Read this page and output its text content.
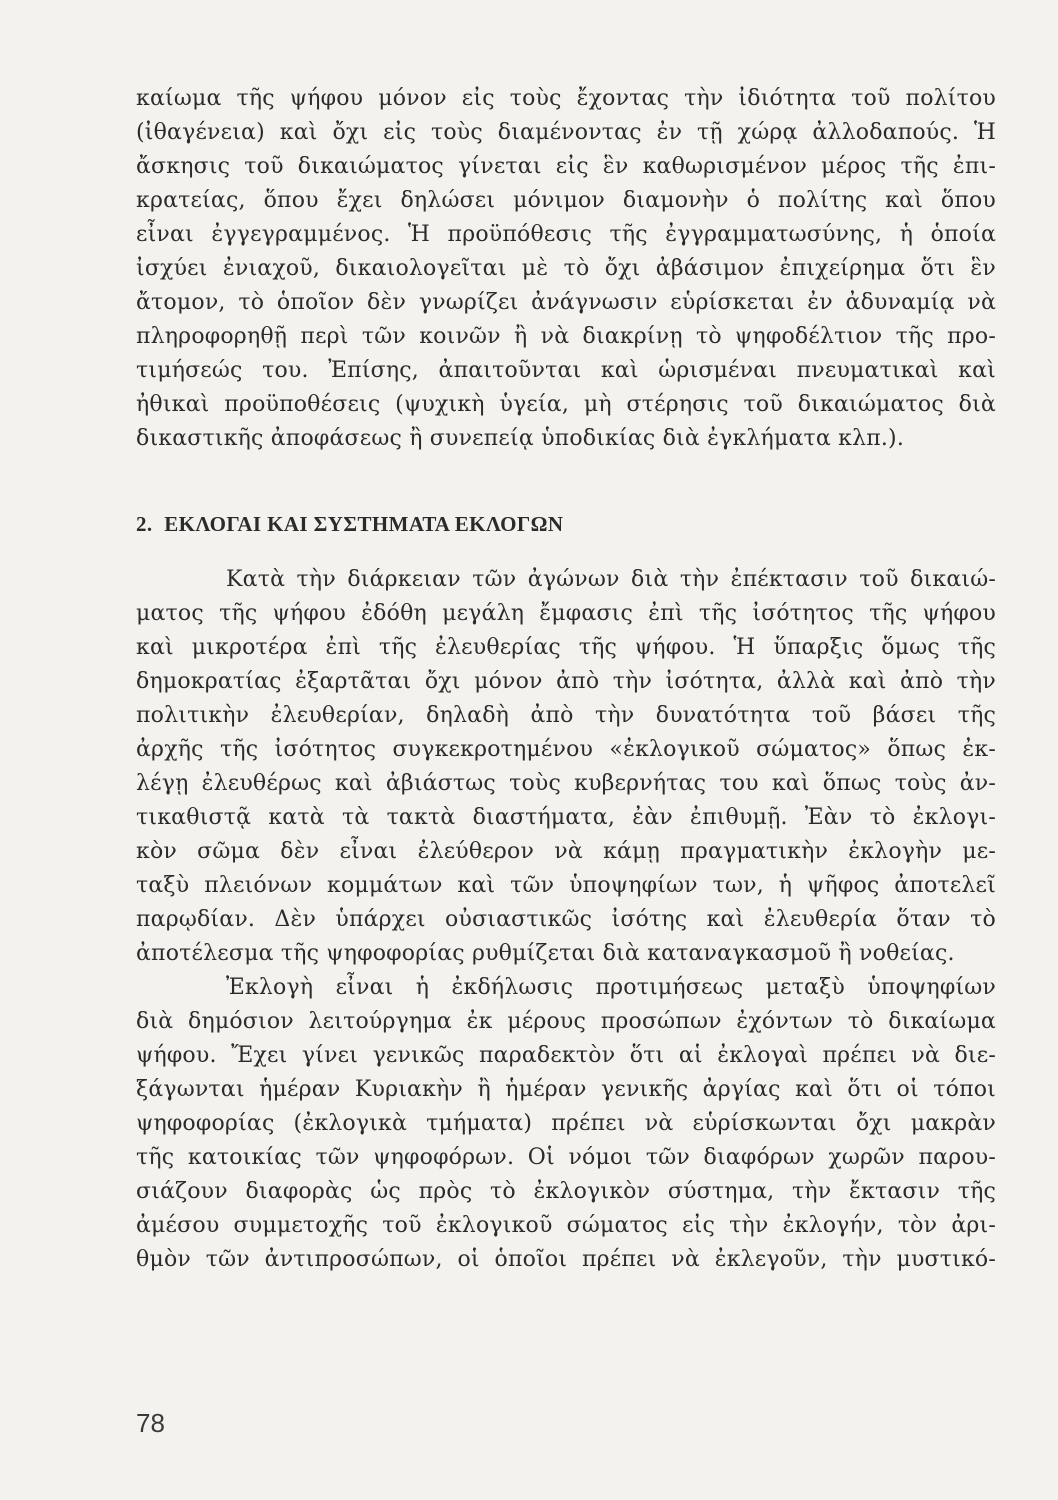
καίωμα τῆς ψήφου μόνον εἰς τοὺς ἔχοντας τὴν ἰδιότητα τοῦ πολίτου
(ἰθαγένεια) καὶ ὄχι εἰς τοὺς διαμένοντας ἐν τῇ χώρᾳ ἀλλοδαπούς. Ἡ
ἄσκησις τοῦ δικαιώματος γίνεται εἰς ἓν καθωρισμένον μέρος τῆς ἐπι-
κρατείας, ὅπου ἔχει δηλώσει μόνιμον διαμονὴν ὁ πολίτης καὶ ὅπου
εἶναι ἐγγεγραμμένος. Ἡ προϋπόθεσις τῆς ἐγγραμματωσύνης, ἡ ὁποία
ἰσχύει ἐνιαχοῦ, δικαιολογεῖται μὲ τὸ ὄχι ἀβάσιμον ἐπιχείρημα ὅτι ἓν
ἄτομον, τὸ ὁποῖον δὲν γνωρίζει ἀνάγνωσιν εὑρίσκεται ἐν ἀδυναμίᾳ νὰ
πληροφορηθῇ περὶ τῶν κοινῶν ἢ νὰ διακρίνῃ τὸ ψηφοδέλτιον τῆς προ-
τιμήσεώς του. Ἐπίσης, ἀπαιτοῦνται καὶ ὡρισμέναι πνευματικαὶ καὶ
ἠθικαὶ προϋποθέσεις (ψυχικὴ ὑγεία, μὴ στέρησις τοῦ δικαιώματος διὰ
δικαστικῆς ἀποφάσεως ἢ συνεπείᾳ ὑποδικίας διὰ ἐγκλήματα κλπ.).
2. ΕΚΛΟΓΑΙ ΚΑΙ ΣΥΣΤΗΜΑΤΑ ΕΚΛΟΓΩΝ
Κατὰ τὴν διάρκειαν τῶν ἀγώνων διὰ τὴν ἐπέκτασιν τοῦ δικαιώ-
ματος τῆς ψήφου ἐδόθη μεγάλη ἔμφασις ἐπὶ τῆς ἰσότητος τῆς ψήφου
καὶ μικροτέρα ἐπὶ τῆς ἐλευθερίας τῆς ψήφου. Ἡ ὕπαρξις ὅμως τῆς
δημοκρατίας ἐξαρτᾶται ὄχι μόνον ἀπὸ τὴν ἰσότητα, ἀλλὰ καὶ ἀπὸ τὴν
πολιτικὴν ἐλευθερίαν, δηλαδὴ ἀπὸ τὴν δυνατότητα τοῦ βάσει τῆς
ἀρχῆς τῆς ἰσότητος συγκεκροτημένου «ἐκλογικοῦ σώματος» ὅπως ἐκ-
λέγῃ ἐλευθέρως καὶ ἀβιάστως τοὺς κυβερνήτας του καὶ ὅπως τοὺς ἀν-
τικαθιστᾷ κατὰ τὰ τακτὰ διαστήματα, ἐὰν ἐπιθυμῇ. Ἐὰν τὸ ἐκλογι-
κὸν σῶμα δὲν εἶναι ἐλεύθερον νὰ κάμῃ πραγματικὴν ἐκλογὴν με-
ταξὺ πλειόνων κομμάτων καὶ τῶν ὑποψηφίων των, ἡ ψῆφος ἀποτελεῖ
παρῳδίαν. Δὲν ὑπάρχει οὐσιαστικῶς ἰσότης καὶ ἐλευθερία ὅταν τὸ
ἀποτέλεσμα τῆς ψηφοφορίας ρυθμίζεται διὰ καταναγκασμοῦ ἢ νοθείας.
Ἐκλογὴ εἶναι ἡ ἐκδήλωσις προτιμήσεως μεταξὺ ὑποψηφίων
διὰ δημόσιον λειτούργημα ἐκ μέρους προσώπων ἐχόντων τὸ δικαίωμα
ψήφου. Ἔχει γίνει γενικῶς παραδεκτὸν ὅτι αἱ ἐκλογαὶ πρέπει νὰ διε-
ξάγωνται ἡμέραν Κυριακὴν ἢ ἡμέραν γενικῆς ἀργίας καὶ ὅτι οἱ τόποι
ψηφοφορίας (ἐκλογικὰ τμήματα) πρέπει νὰ εὑρίσκωνται ὄχι μακρὰν
τῆς κατοικίας τῶν ψηφοφόρων. Οἱ νόμοι τῶν διαφόρων χωρῶν παρου-
σιάζουν διαφορὰς ὡς πρὸς τὸ ἐκλογικὸν σύστημα, τὴν ἔκτασιν τῆς
ἀμέσου συμμετοχῆς τοῦ ἐκλογικοῦ σώματος εἰς τὴν ἐκλογήν, τὸν ἀρι-
θμὸν τῶν ἀντιπροσώπων, οἱ ὁποῖοι πρέπει νὰ ἐκλεγοῦν, τὴν μυστικό-
78
